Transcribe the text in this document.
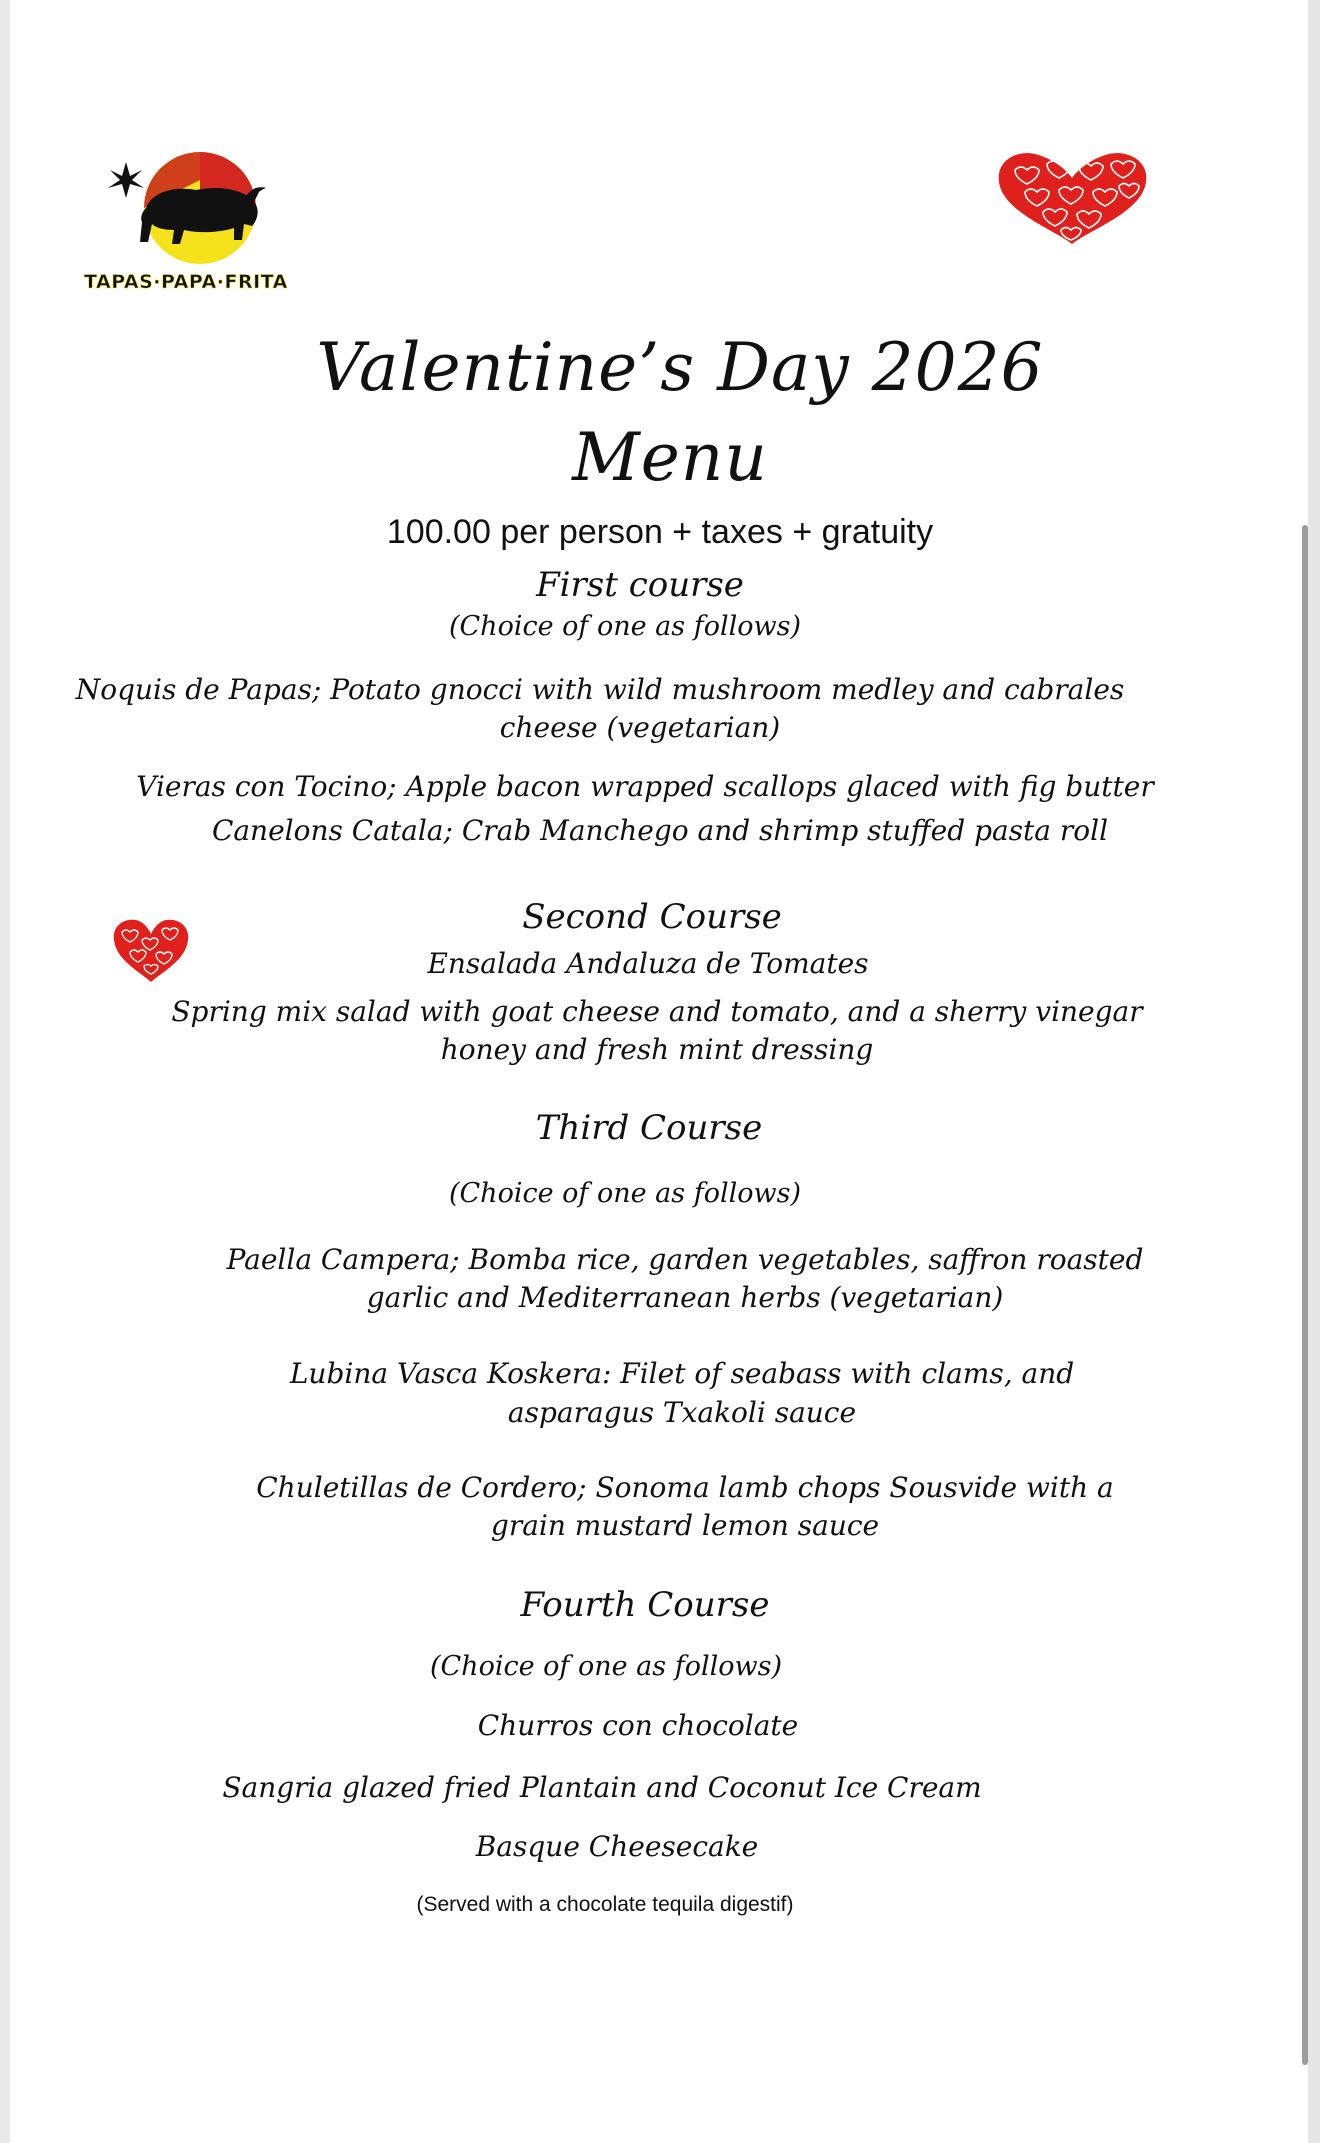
TAPAS·PAPA·FRITA

Valentine’s Day 2026

Menu

100.00 per person + taxes + gratuity

First course

(Choice of one as follows)

Noquis de Papas; Potato gnocci with wild mushroom medley and cabrales

cheese (vegetarian)

Vieras con Tocino; Apple bacon wrapped scallops glaced with fig butter

Canelons Catala; Crab Manchego and shrimp stuffed pasta roll

Second Course

Ensalada Andaluza de Tomates

Spring mix salad with goat cheese and tomato, and a sherry vinegar

honey and fresh mint dressing

Third Course

(Choice of one as follows)

Paella Campera; Bomba rice, garden vegetables, saffron roasted

garlic and Mediterranean herbs (vegetarian)

Lubina Vasca Koskera: Filet of seabass with clams, and

asparagus Txakoli sauce

Chuletillas de Cordero; Sonoma lamb chops Sousvide with a

grain mustard lemon sauce

Fourth Course

(Choice of one as follows)

Churros con chocolate

Sangria glazed fried Plantain and Coconut Ice Cream

Basque Cheesecake

(Served with a chocolate tequila digestif)
